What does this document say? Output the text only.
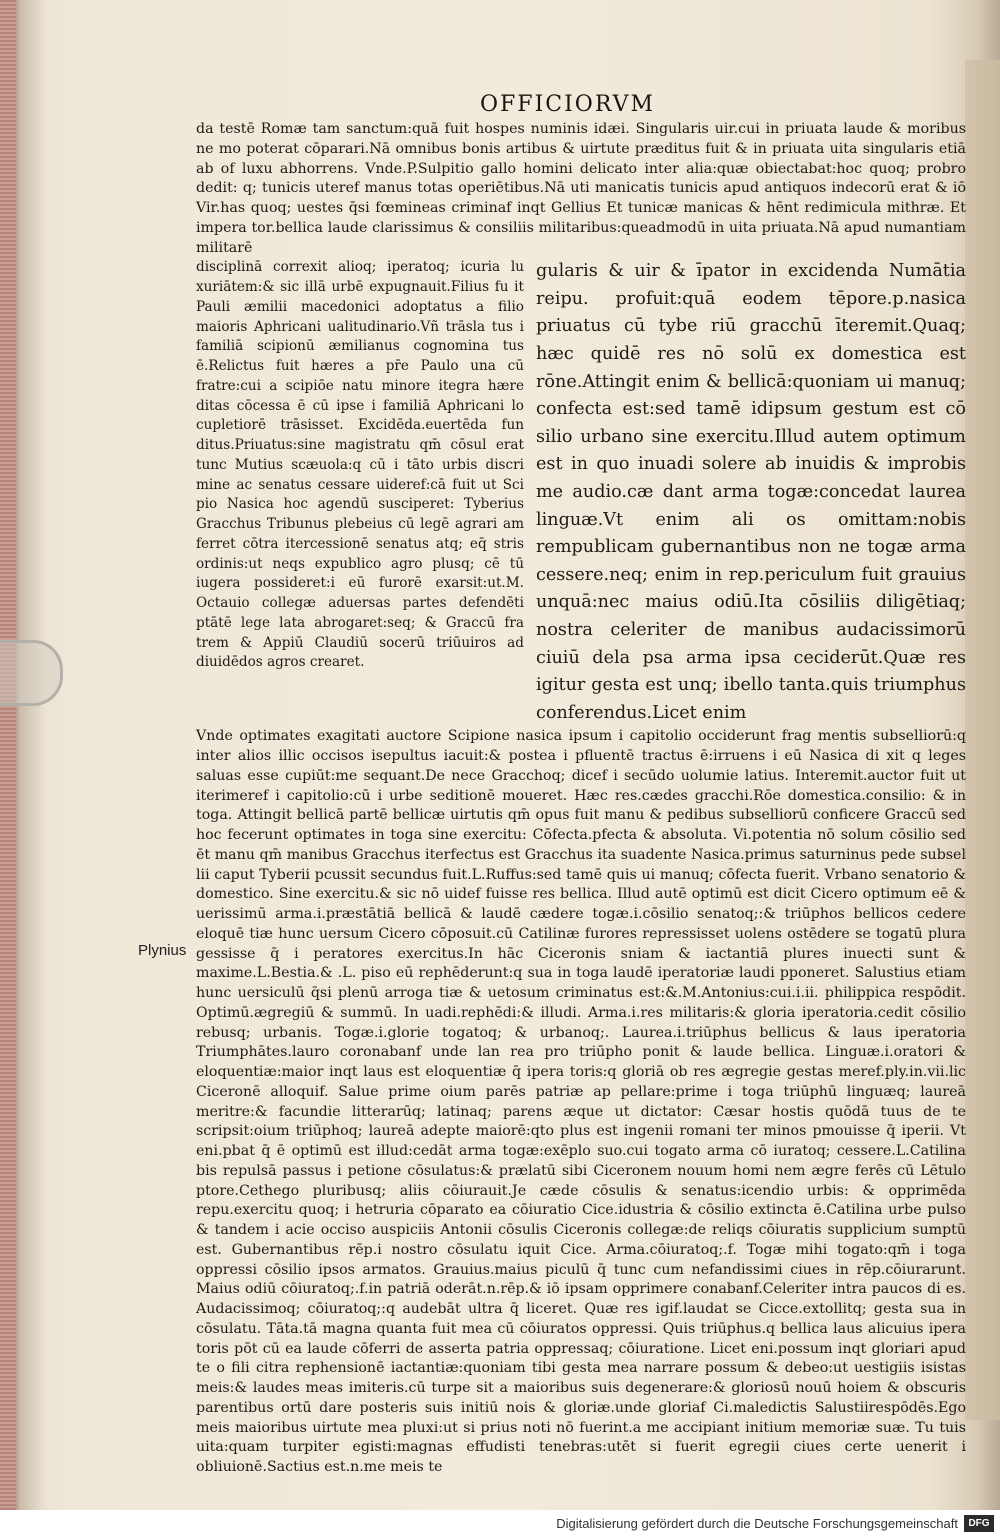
OFFICIORVM

da testē Romæ tam sanctum:quā fuit hospes numinis idæi. Singularis uir.cui in priuata laude & moribus ne mo poterat cōparari.Nā omnibus bonis artibus & uirtute præditus fuit & in priuata uita singularis etiā ab of luxu abhorrens. Vnde.P.Sulpitio gallo homini delicato inter alia:quæ obiectabat:hoc quoq; probro dedit: q; tunicis uteref manus totas operiētibus.Nā uti manicatis tunicis apud antiquos indecorū erat & iō Vir.has quoq; uestes q̄si fœmineas criminaf inqt Gellius Et tunicæ manicas & hēnt redimicula mithræ. Et impera tor.bellica laude clarissimus & consiliis militaribus:queadmodū in uita priuata.Nā apud numantiam militarē

disciplinā correxit alioq; iperatoq; icuria lu xuriātem:& sic illā urbē expugnauit.Filius fu it Pauli æmilii macedonici adoptatus a filio maioris Aphricani ualitudinario.Vñ trāsla tus i familiā scipionū æmilianus cognomina tus ē.Relictus fuit hæres a pr̄e Paulo una cū fratre:cui a scipiōe natu minore itegra hære ditas cōcessa ē cū ipse i familiā Aphricani lo cupletiorē trāsisset. Excidēda.euertēda fun ditus.Priuatus:sine magistratu qm̄ cōsul erat tunc Mutius scæuola:q cū i tāto urbis discri mine ac senatus cessare uideref:cā fuit ut Sci pio Nasica hoc agendū susciperet: Tyberius Gracchus Tribunus plebeius cū legē agrari am ferret cōtra itercessionē senatus atq; eq̄ stris ordinis:ut neqs expublico agro plusq; cē tū iugera possideret:i eū furorē exarsit:ut.M. Octauio collegæ aduersas partes defendēti ptātē lege lata abrogaret:seq; & Graccū fra trem & Appiū Claudiū socerū triūuiros ad diuidēdos agros crearet.

gularis & uir & īpator in excidenda Numātia reipu. profuit:quā eodem tēpore.p.nasica priuatus cū tybe riū gracchū īteremit.Quaq; hæc quidē res nō solū ex domestica est rōne.Attingit enim & bellicā:quoniam ui manuq; confecta est:sed tamē idipsum gestum est cō silio urbano sine exercitu.Illud autem optimum est in quo inuadi solere ab inuidis & improbis me audio.cæ dant arma togæ:concedat laurea linguæ.Vt enim ali os omittam:nobis rempublicam gubernantibus non ne togæ arma cessere.neq; enim in rep.periculum fuit grauius unquā:nec maius odiū.Ita cōsiliis diligētiaq; nostra celeriter de manibus audacissimorū ciuiū dela psa arma ipsa ceciderūt.Quæ res igitur gesta est unq; ibello tanta.quis triumphus conferendus.Licet enim

Vnde optimates exagitati auctore Scipione nasica ipsum i capitolio occiderunt frag mentis subselliorū:q inter alios illic occisos isepultus iacuit:& postea i pfluentē tractus ē:irruens i eū Nasica di xit q leges saluas esse cupiūt:me sequant.De nece Gracchoq; dicef i secūdo uolumie latius. Interemit.auctor fuit ut iterimeref i capitolio:cū i urbe seditionē moueret. Hæc res.cædes gracchi.Rōe domestica.consilio: & in toga. Attingit bellicā partē bellicæ uirtutis qm̄ opus fuit manu & pedibus subselliorū conficere Graccū sed hoc fecerunt optimates in toga sine exercitu: Cōfecta.pfecta & absoluta. Vi.potentia nō solum cōsilio sed ēt manu qm̄ manibus Gracchus iterfectus est Gracchus ita suadente Nasica.primus saturninus pede subsel lii caput Tyberii pcussit secundus fuit.L.Ruffus:sed tamē quis ui manuq; cōfecta fuerit. Vrbano senatorio & domestico. Sine exercitu.& sic nō uidef fuisse res bellica. Illud autē optimū est dicit Cicero optimum eē & uerissimū arma.i.præstātiā bellicā & laudē cædere togæ.i.cōsilio senatoq;:& triūphos bellicos cedere eloquē tiæ hunc uersum Cicero cōposuit.cū Catilinæ furores repressisset uolens ostēdere se togatū plura gessisse q̄ i peratores exercitus.In hāc Ciceronis sniam & iactantiā plures inuecti sunt & maxime.L.Bestia.& .L. piso eū rephēderunt:q sua in toga laudē iperatoriæ laudi pponeret. Salustius etiam hunc uersiculū q̄si plenū arroga tiæ & uetosum criminatus est:&.M.Antonius:cui.i.ii. philippica respōdit. Optimū.ægregiū & summū. In uadi.rephēdi:& illudi. Arma.i.res militaris:& gloria iperatoria.cedit cōsilio rebusq; urbanis. Togæ.i.glorie togatoq; & urbanoq;. Laurea.i.triūphus bellicus & laus iperatoria Triumphātes.lauro coronabanf unde lan rea pro triūpho ponit & laude bellica. Linguæ.i.oratori & eloquentiæ:maior inqt laus est eloquentiæ q̄ ipera toris:q gloriā ob res ægregie gestas meref.ply.in.vii.lic Ciceronē alloquif. Salue prime oium parēs patriæ ap pellare:prime i toga triūphū linguæq; laureā meritre:& facundie litterarūq; latinaq; parens æque ut dictator: Cæsar hostis quōdā tuus de te scripsit:oium triūphoq; laureā adepte maiorē:qto plus est ingenii romani ter minos pmouisse q̄ iperii. Vt eni.pbat q̄ ē optimū est illud:cedāt arma togæ:exēplo suo.cui togato arma cō iuratoq; cessere.L.Catilina bis repulsā passus i petione cōsulatus:& prælatū sibi Ciceronem nouum homi nem ægre ferēs cū Lētulo ptore.Cethego pluribusq; aliis cōiurauit.Je cæde cōsulis & senatus:icendio urbis: & opprimēda repu.exercitu quoq; i hetruria cōparato ea cōiuratio Cice.idustria & cōsilio extincta ē.Catilina urbe pulso & tandem i acie occiso auspiciis Antonii cōsulis Ciceronis collegæ:de reliqs cōiuratis supplicium sumptū est. Gubernantibus rēp.i nostro cōsulatu iquit Cice. Arma.cōiuratoq;.f. Togæ mihi togato:qm̄ i toga oppressi cōsilio ipsos armatos. Grauius.maius piculū q̄ tunc cum nefandissimi ciues in rēp.cōiurarunt. Maius odiū cōiuratoq;.f.in patriā oderāt.n.rēp.& iō ipsam opprimere conabanf.Celeriter intra paucos di es. Audacissimoq; cōiuratoq;:q audebāt ultra q̄ liceret. Quæ res igif.laudat se Cicce.extollitq; gesta sua in cōsulatu. Tāta.tā magna quanta fuit mea cū cōiuratos oppressi. Quis triūphus.q bellica laus alicuius ipera toris pōt cū ea laude cōferri de asserta patria oppressaq; cōiuratione. Licet eni.possum inqt gloriari apud te o fili citra rephensionē iactantiæ:quoniam tibi gesta mea narrare possum & debeo:ut uestigiis isistas meis:& laudes meas imiteris.cū turpe sit a maioribus suis degenerare:& gloriosū nouū hoiem & obscuris parentibus ortū dare posteris suis initiū nois & gloriæ.unde gloriaf Ci.maledictis Salustiirespōdēs.Ego meis maioribus uirtute mea pluxi:ut si prius noti nō fuerint.a me accipiant initium memoriæ suæ. Tu tuis uita:quam turpiter egisti:magnas effudisti tenebras:utēt si fuerit egregii ciues certe uenerit i obliuionē.Sactius est.n.me meis te

Plynius
Digitalisierung gefördert durch die Deutsche Forschungsgemeinschaft	DFG
